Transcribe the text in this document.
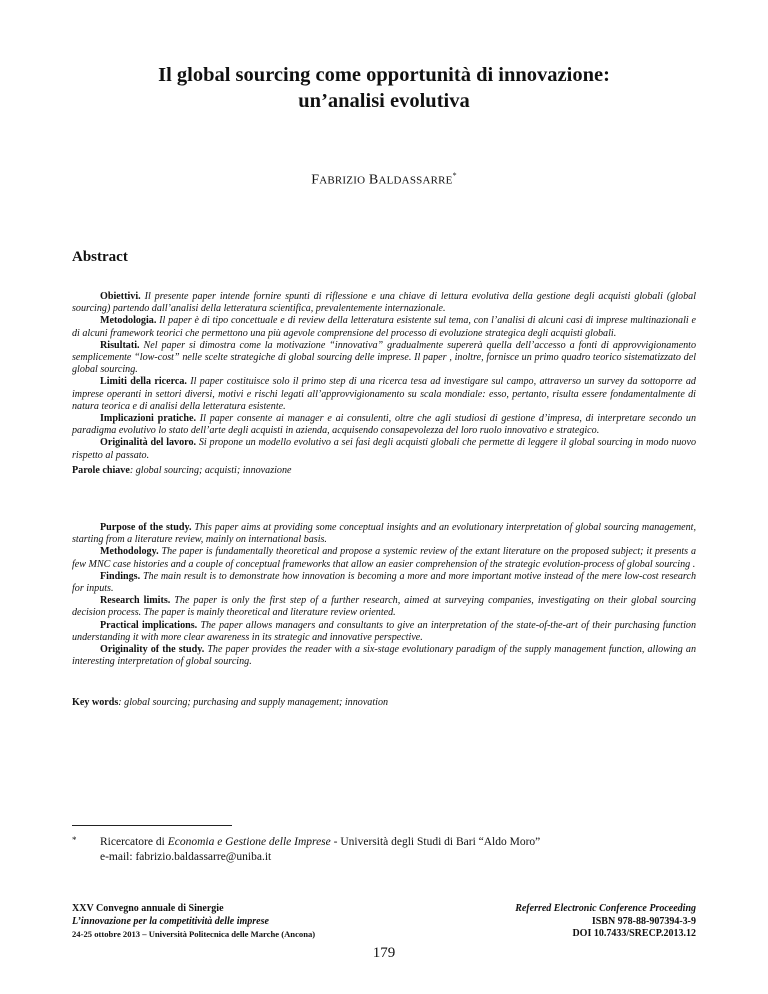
Il global sourcing come opportunità di innovazione:
un’analisi evolutiva
FABRIZIO BALDASSARRE*
Abstract

Obiettivi. Il presente paper intende fornire spunti di riflessione e una chiave di lettura evolutiva della gestione degli acquisti globali (global sourcing) partendo dall’analisi della letteratura scientifica, prevalentemente internazionale.

Metodologia. Il paper è di tipo concettuale e di review della letteratura esistente sul tema, con l’analisi di alcuni casi di imprese multinazionali e di alcuni framework teorici che permettono una più agevole comprensione del processo di evoluzione strategica degli acquisti globali.

Risultati. Nel paper si dimostra come la motivazione “innovativa” gradualmente supererà quella dell’accesso a fonti di approvvigionamento semplicemente “low-cost” nelle scelte strategiche di global sourcing delle imprese. Il paper , inoltre, fornisce un primo quadro teorico sistematizzato del global sourcing.

Limiti della ricerca. Il paper costituisce solo il primo step di una ricerca tesa ad investigare sul campo, attraverso un survey da sottoporre ad imprese operanti in settori diversi, motivi e rischi legati all’approvvigionamento su scala mondiale: esso, pertanto, risulta essere fondamentalmente di natura teorica e di analisi della letteratura esistente.

Implicazioni pratiche. Il paper consente ai manager e ai consulenti, oltre che agli studiosi di gestione d’impresa, di interpretare secondo un paradigma evolutivo lo stato dell’arte degli acquisti in azienda, acquisendo consapevolezza del loro ruolo innovativo e strategico.

Originalità del lavoro. Si propone un modello evolutivo a sei fasi degli acquisti globali che permette di leggere il global sourcing in modo nuovo rispetto al passato.

Parole chiave: global sourcing; acquisti; innovazione

Purpose of the study. This paper aims at providing some conceptual insights and an evolutionary interpretation of global sourcing management, starting from a literature review, mainly on international basis.

Methodology. The paper is fundamentally theoretical and propose a systemic review of the extant literature on the proposed subject; it presents a few MNC case histories and a couple of conceptual frameworks that allow an easier comprehension of the strategic evolution-process of global sourcing .

Findings. The main result is to demonstrate how innovation is becoming a more and more important motive instead of the mere low-cost research for inputs.

Research limits. The paper is only the first step of a further research, aimed at surveying companies, investigating on their global sourcing decision process. The paper is mainly theoretical and literature review oriented.

Practical implications. The paper allows managers and consultants to give an interpretation of the state-of-the-art of their purchasing function understanding it with more clear awareness in its strategic and innovative perspective.

Originality of the study. The paper provides the reader with a six-stage evolutionary paradigm of the supply management function, allowing an interesting interpretation of global sourcing.

Key words: global sourcing; purchasing and supply management; innovation
* Ricercatore di Economia e Gestione delle Imprese - Università degli Studi di Bari “Aldo Moro”
e-mail: fabrizio.baldassarre@uniba.it
XXV Convegno annuale di Sinergie
L’innovazione per la competitività delle imprese
24-25 ottobre 2013 – Università Politecnica delle Marche (Ancona)
Referred Electronic Conference Proceeding
ISBN 978-88-907394-3-9
DOI 10.7433/SRECP.2013.12
179
